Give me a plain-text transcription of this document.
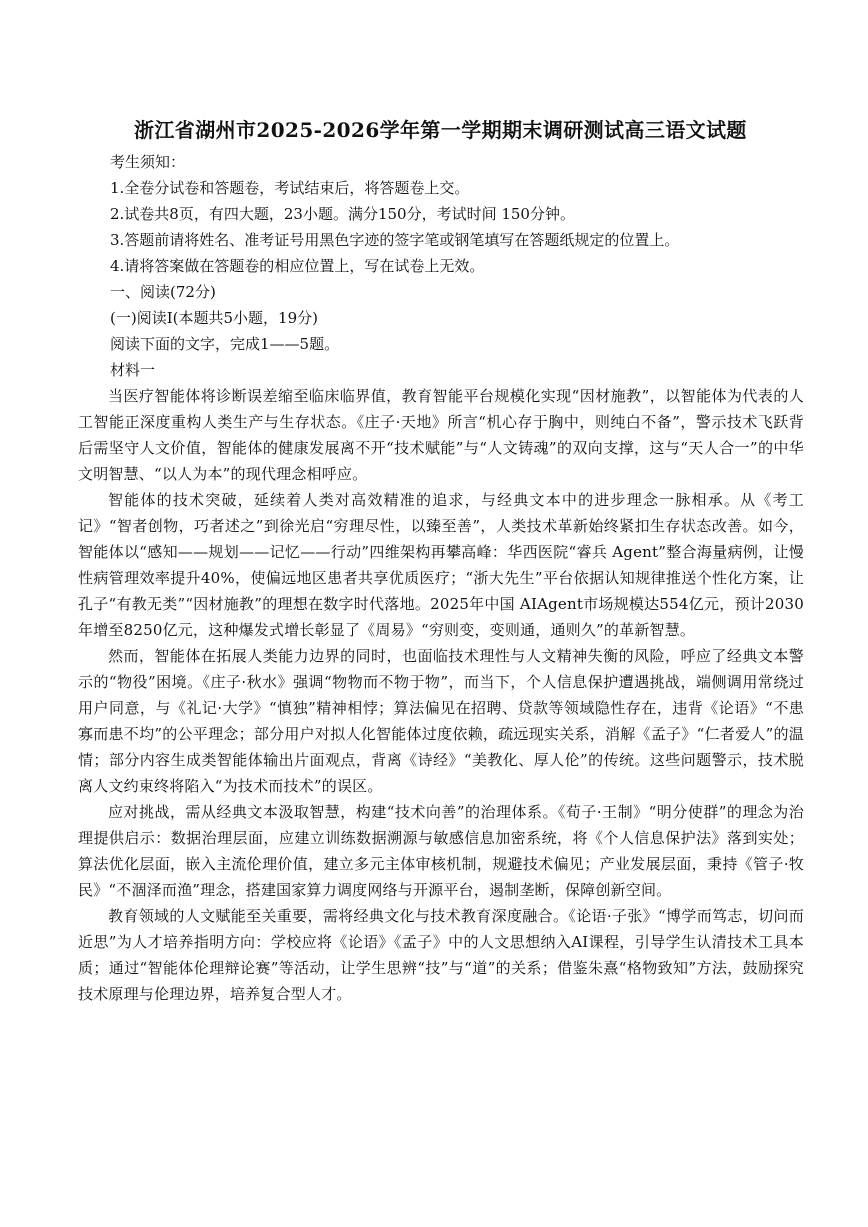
浙江省湖州市2025-2026学年第一学期期末调研测试高三语文试题

考生须知：

1.全卷分试卷和答题卷，考试结束后，将答题卷上交。

2.试卷共8页，有四大题，23小题。满分150分，考试时间 150分钟。

3.答题前请将姓名、准考证号用黑色字迹的签字笔或钢笔填写在答题纸规定的位置上。

4.请将答案做在答题卷的相应位置上，写在试卷上无效。

一、阅读(72分)

(一)阅读Ⅰ(本题共5小题，19分)

阅读下面的文字，完成1——5题。

材料一

当医疗智能体将诊断误差缩至临床临界值，教育智能平台规模化实现“因材施教”，以智能体为代表的人工智能正深度重构人类生产与生存状态。《庄子·天地》所言“机心存于胸中，则纯白不备”，警示技术飞跃背后需坚守人文价值，智能体的健康发展离不开“技术赋能”与“人文铸魂”的双向支撑，这与“天人合一”的中华文明智慧、“以人为本”的现代理念相呼应。

智能体的技术突破，延续着人类对高效精准的追求，与经典文本中的进步理念一脉相承。从《考工记》“智者创物，巧者述之”到徐光启“穷理尽性，以臻至善”，人类技术革新始终紧扣生存状态改善。如今，智能体以“感知——规划——记忆——行动”四维架构再攀高峰：华西医院“睿兵 Agent”整合海量病例，让慢性病管理效率提升40%，使偏远地区患者共享优质医疗；“浙大先生”平台依据认知规律推送个性化方案，让孔子“有教无类”“因材施教”的理想在数字时代落地。2025年中国 AIAgent市场规模达554亿元，预计2030年增至8250亿元，这种爆发式增长彰显了《周易》“穷则变，变则通，通则久”的革新智慧。

然而，智能体在拓展人类能力边界的同时，也面临技术理性与人文精神失衡的风险，呼应了经典文本警示的“物役”困境。《庄子·秋水》强调“物物而不物于物”，而当下，个人信息保护遭遇挑战，端侧调用常绕过用户同意，与《礼记·大学》“慎独”精神相悖；算法偏见在招聘、贷款等领域隐性存在，违背《论语》“不患寡而患不均”的公平理念；部分用户对拟人化智能体过度依赖，疏远现实关系，消解《孟子》“仁者爱人”的温情；部分内容生成类智能体输出片面观点，背离《诗经》“美教化、厚人伦”的传统。这些问题警示，技术脱离人文约束终将陷入“为技术而技术”的误区。

应对挑战，需从经典文本汲取智慧，构建“技术向善”的治理体系。《荀子·王制》“明分使群”的理念为治理提供启示：数据治理层面，应建立训练数据溯源与敏感信息加密系统，将《个人信息保护法》落到实处；算法优化层面，嵌入主流伦理价值，建立多元主体审核机制，规避技术偏见；产业发展层面，秉持《管子·牧民》“不涸泽而渔”理念，搭建国家算力调度网络与开源平台，遏制垄断，保障创新空间。

教育领域的人文赋能至关重要，需将经典文化与技术教育深度融合。《论语·子张》“博学而笃志，切问而近思”为人才培养指明方向：学校应将《论语》《孟子》中的人文思想纳入AI课程，引导学生认清技术工具本质；通过“智能体伦理辩论赛”等活动，让学生思辨“技”与“道”的关系；借鉴朱熹“格物致知”方法，鼓励探究技术原理与伦理边界，培养复合型人才。
